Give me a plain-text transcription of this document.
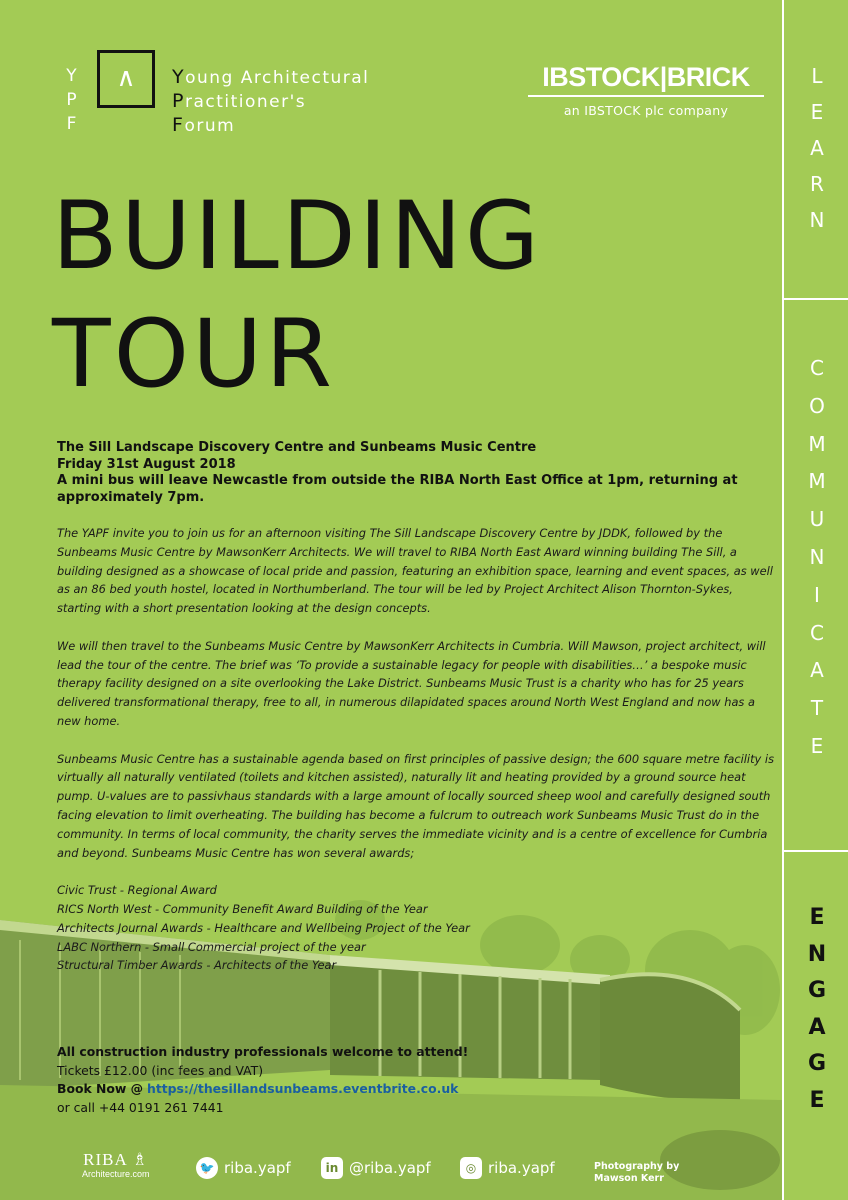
Y
P
F
∧	Young Architectural
Practitioner's
Forum
IBSTOCK|BRICK
an IBSTOCK plc company
L
E
A
R
N
C
O
M
M
U
N
I
C
A
T
E
E
N
G
A
G
E
BUILDING
TOUR
The Sill Landscape Discovery Centre and Sunbeams Music Centre
Friday 31st August 2018
A mini bus will leave Newcastle from outside the RIBA North East Office at 1pm, returning at approximately 7pm.

The YAPF invite you to join us for an afternoon visiting The Sill Landscape Discovery Centre by JDDK, followed by the Sunbeams Music Centre by MawsonKerr Architects. We will travel to RIBA North East Award winning building The Sill, a building designed as a showcase of local pride and passion, featuring an exhibition space, learning and event spaces, as well as an 86 bed youth hostel, located in Northumberland. The tour will be led by Project Architect Alison Thornton-Sykes, starting with a short presentation looking at the design concepts.

We will then travel to the Sunbeams Music Centre by MawsonKerr Architects in Cumbria. Will Mawson, project architect, will lead the tour of the centre. The brief was ‘To provide a sustainable legacy for people with disabilities…’ a bespoke music therapy facility designed on a site overlooking the Lake District. Sunbeams Music Trust is a charity who has for 25 years delivered transformational therapy, free to all, in numerous dilapidated spaces around North West England and now has a new home.

Sunbeams Music Centre has a sustainable agenda based on first principles of passive design; the 600 square metre facility is virtually all naturally ventilated (toilets and kitchen assisted), naturally lit and heating provided by a ground source heat pump. U-values are to passivhaus standards with a large amount of locally sourced sheep wool and carefully designed south facing elevation to limit overheating. The building has become a fulcrum to outreach work Sunbeams Music Trust do in the community. In terms of local community, the charity serves the immediate vicinity and is a centre of excellence for Cumbria and beyond. Sunbeams Music Centre has won several awards;

Civic Trust - Regional Award
RICS North West - Community Benefit Award Building of the Year
Architects Journal Awards - Healthcare and Wellbeing Project of the Year
LABC Northern - Small Commercial project of the year
Structural Timber Awards - Architects of the Year
All construction industry professionals welcome to attend!
Tickets £12.00 (inc fees and VAT)
Book Now @ https://thesillandsunbeams.eventbrite.co.uk
or call +44 0191 261 7441
RIBA ♗
Architecture.com	🐦 riba.yapf	in @riba.yapf	◎ riba.yapf	Photography by
Mawson Kerr
